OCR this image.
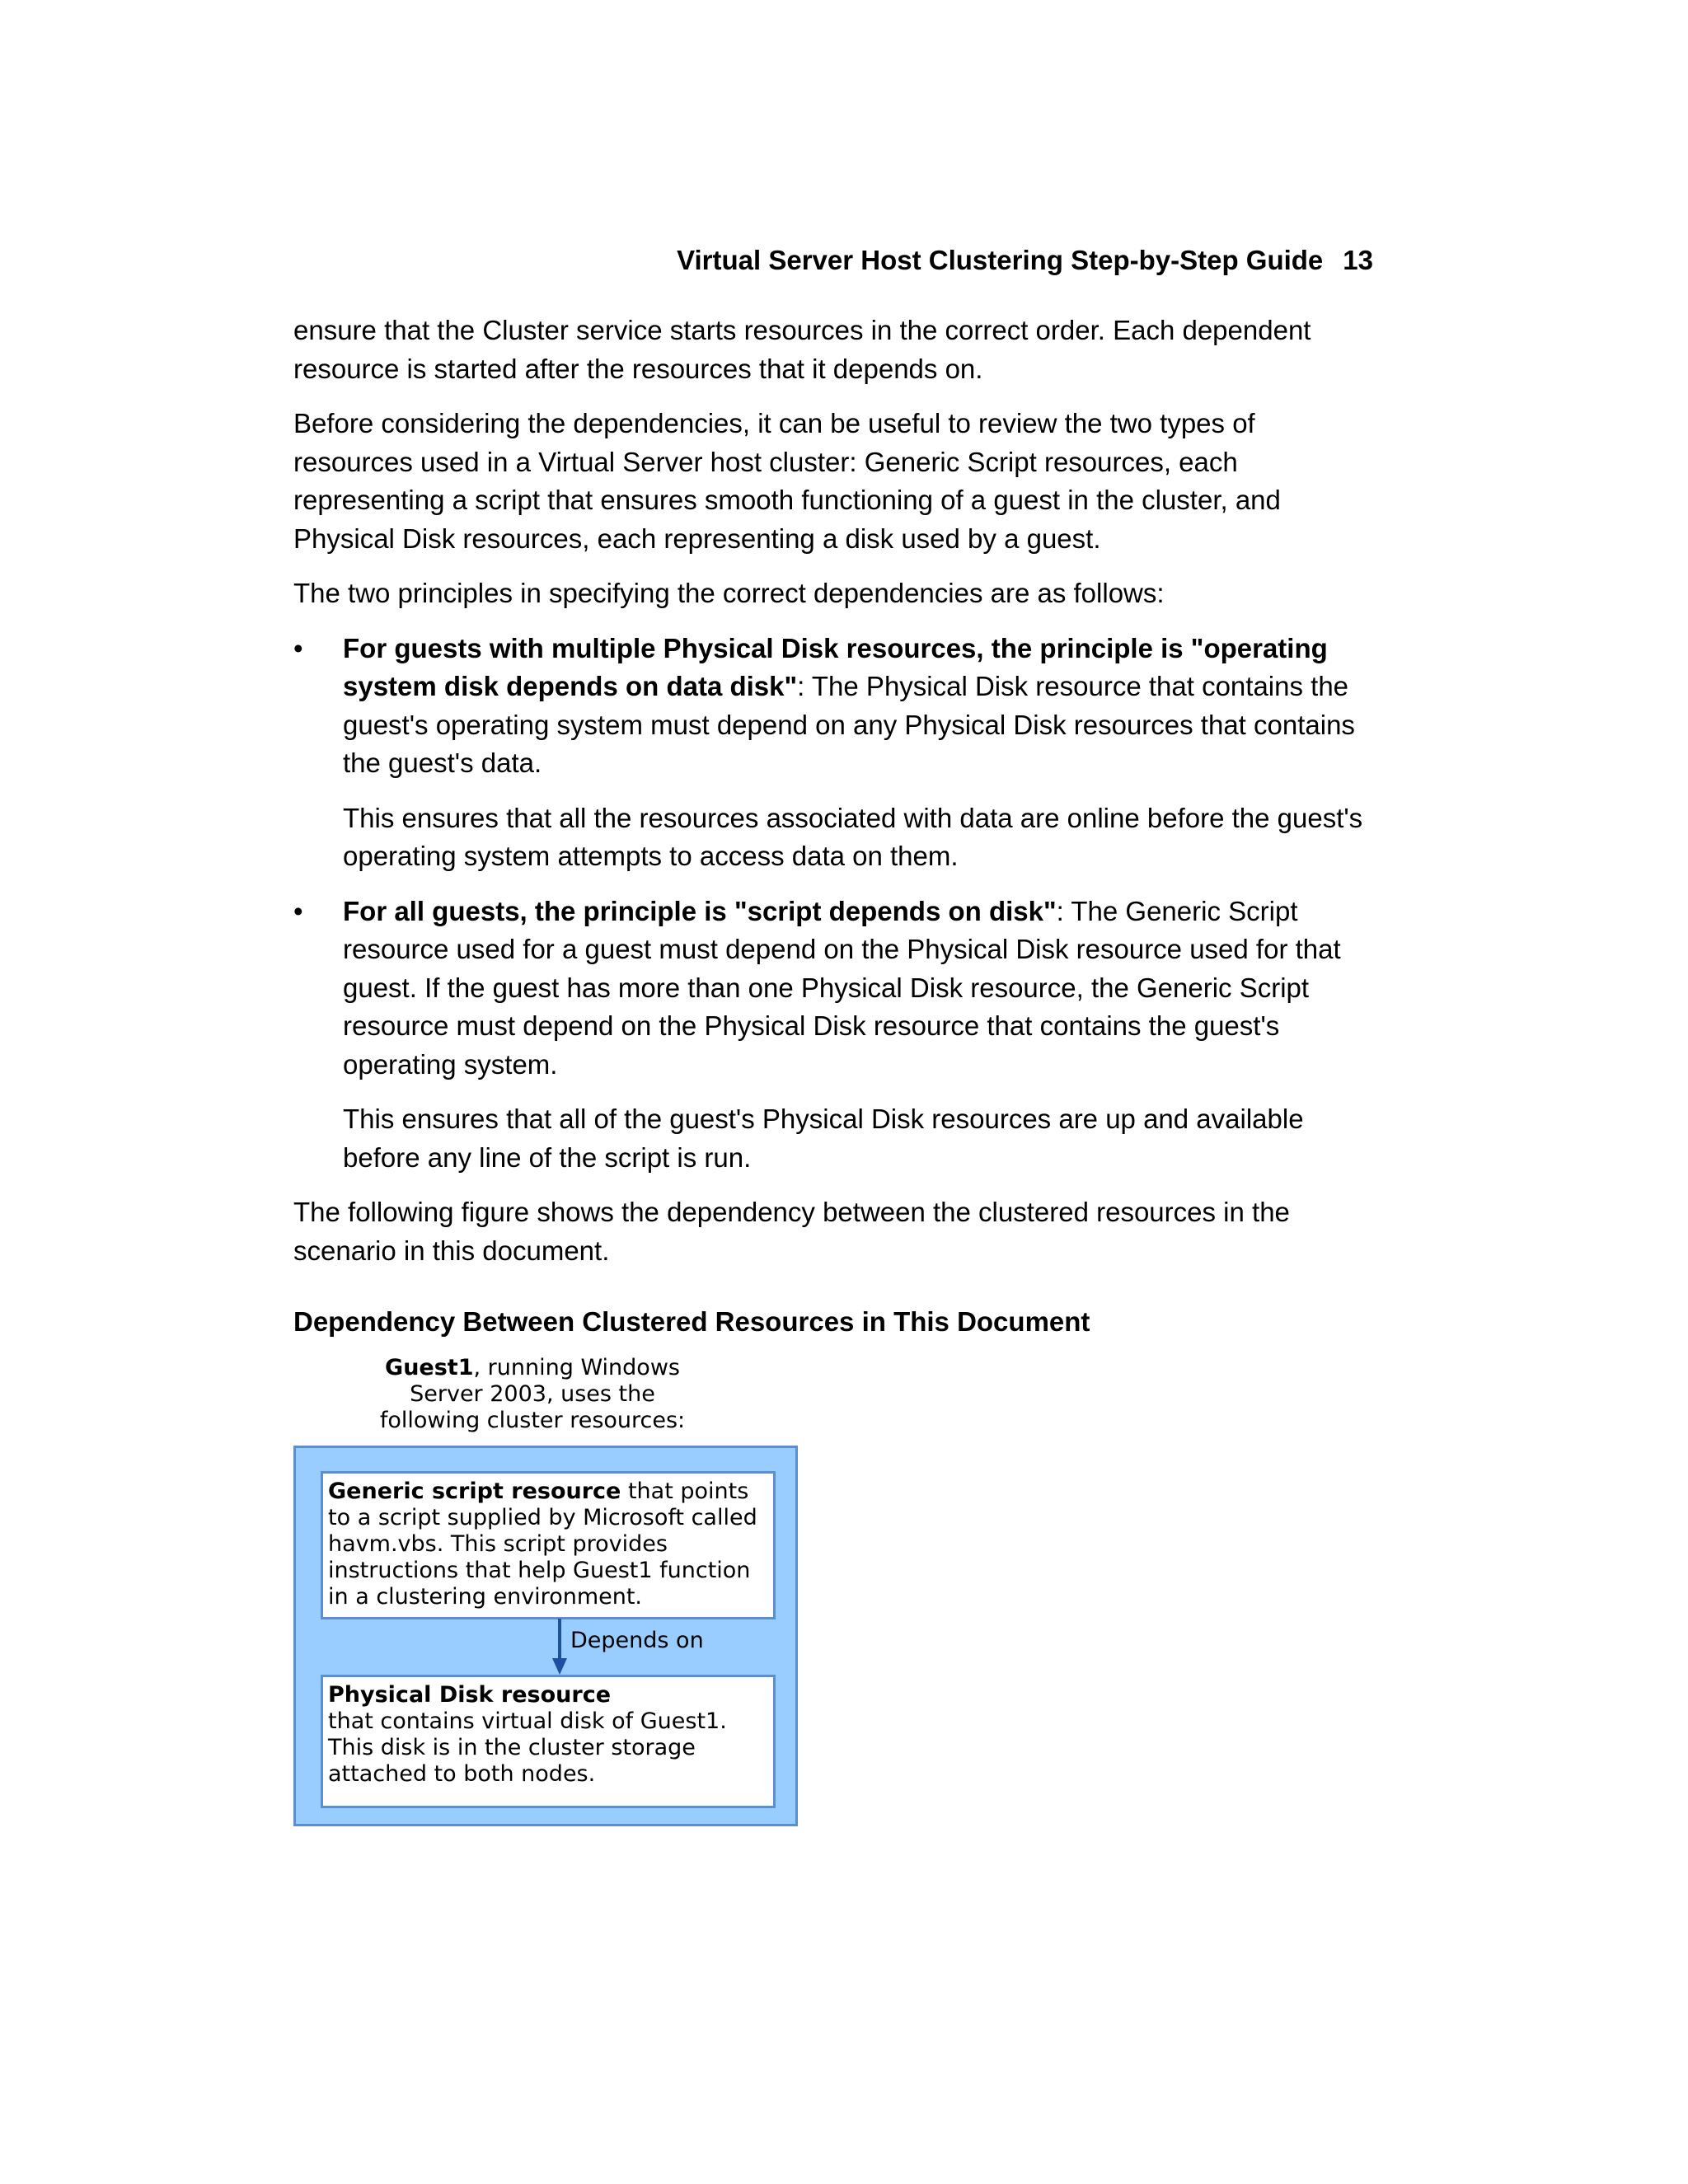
Virtual Server Host Clustering Step-by-Step Guide 13

ensure that the Cluster service starts resources in the correct order. Each dependent resource is started after the resources that it depends on.

Before considering the dependencies, it can be useful to review the two types of resources used in a Virtual Server host cluster: Generic Script resources, each representing a script that ensures smooth functioning of a guest in the cluster, and Physical Disk resources, each representing a disk used by a guest.

The two principles in specifying the correct dependencies are as follows:

• For guests with multiple Physical Disk resources, the principle is "operating system disk depends on data disk": The Physical Disk resource that contains the guest's operating system must depend on any Physical Disk resources that contains the guest's data.

This ensures that all the resources associated with data are online before the guest's operating system attempts to access data on them.

• For all guests, the principle is "script depends on disk": The Generic Script resource used for a guest must depend on the Physical Disk resource used for that guest. If the guest has more than one Physical Disk resource, the Generic Script resource must depend on the Physical Disk resource that contains the guest's operating system.

This ensures that all of the guest's Physical Disk resources are up and available before any line of the script is run.

The following figure shows the dependency between the clustered resources in the scenario in this document.

Dependency Between Clustered Resources in This Document

Guest1, running Windows Server 2003, uses the following cluster resources:
Generic script resource that points to a script supplied by Microsoft called havm.vbs. This script provides instructions that help Guest1 function in a clustering environment.
Depends on
Physical Disk resource
that contains virtual disk of Guest1. This disk is in the cluster storage attached to both nodes.
